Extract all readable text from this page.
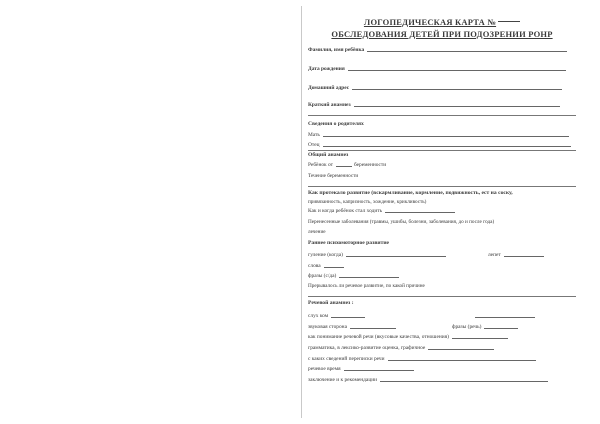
ЛОГОПЕДИЧЕСКАЯ КАРТА №
ОБСЛЕДОВАНИЯ ДЕТЕЙ ПРИ ПОДОЗРЕНИИ РОНР
Фамилия, имя ребёнка
Дата рождения
Домашний адрес
Краткий анамнез
Сведения о родителях
Мать
Отец
Общий анамнез
Ребёнок от	беременности
Течение беременности
Как протекало развитие (вскармливание, кормление, подвижность, ест на соску,
привязанность, капризность, хождение, крикливость)
Как и когда ребёнок стал ходить
Перенесенные заболевания (травмы, ушибы, болезни, заболевания, до и после года)
лечение
Раннее психомоторное развитие
гуление (когда)	лепет
слова
фразы (с/да)
Прерывалось ли речевое развитие, по какой причине
Речевой анамнез :
слух ком
звуковая сторона	фразы (речь)
как понимание речевой речи (вкусовые качества, отношения)
грамматика, в лексико-развитие оценка, графичное
с каких сведений переписки речи
речевое время
заключение и к рекомендации
